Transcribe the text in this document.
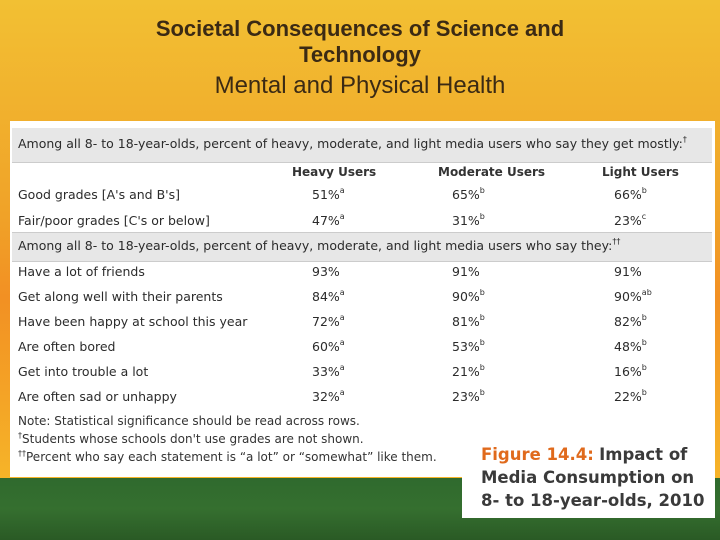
Societal Consequences of Science and
Technology
Mental and Physical Health
Among all 8- to 18-year-olds, percent of heavy, moderate, and light media users who say they get mostly:†
Heavy Users	Moderate Users	Light Users
Good grades [A's and B's]	51%$^a$	65%$^b$	66%$^b$
Fair/poor grades [C's or below]	47%$^a$	31%$^b$	23%$^c$
Among all 8- to 18-year-olds, percent of heavy, moderate, and light media users who say they:††
Have a lot of friends	93%	91%	91%
Get along well with their parents	84%$^a$	90%$^b$	90%$^{ab}$
Have been happy at school this year	72%$^a$	81%$^b$	82%$^b$
Are often bored	60%$^a$	53%$^b$	48%$^b$
Get into trouble a lot	33%$^a$	21%$^b$	16%$^b$
Are often sad or unhappy	32%$^a$	23%$^b$	22%$^b$
Note: Statistical significance should be read across rows.
†Students whose schools don't use grades are not shown.
††Percent who say each statement is “a lot” or “somewhat” like them.	Figure 14.4: Impact of
Media Consumption on
8- to 18-year-olds, 2010
